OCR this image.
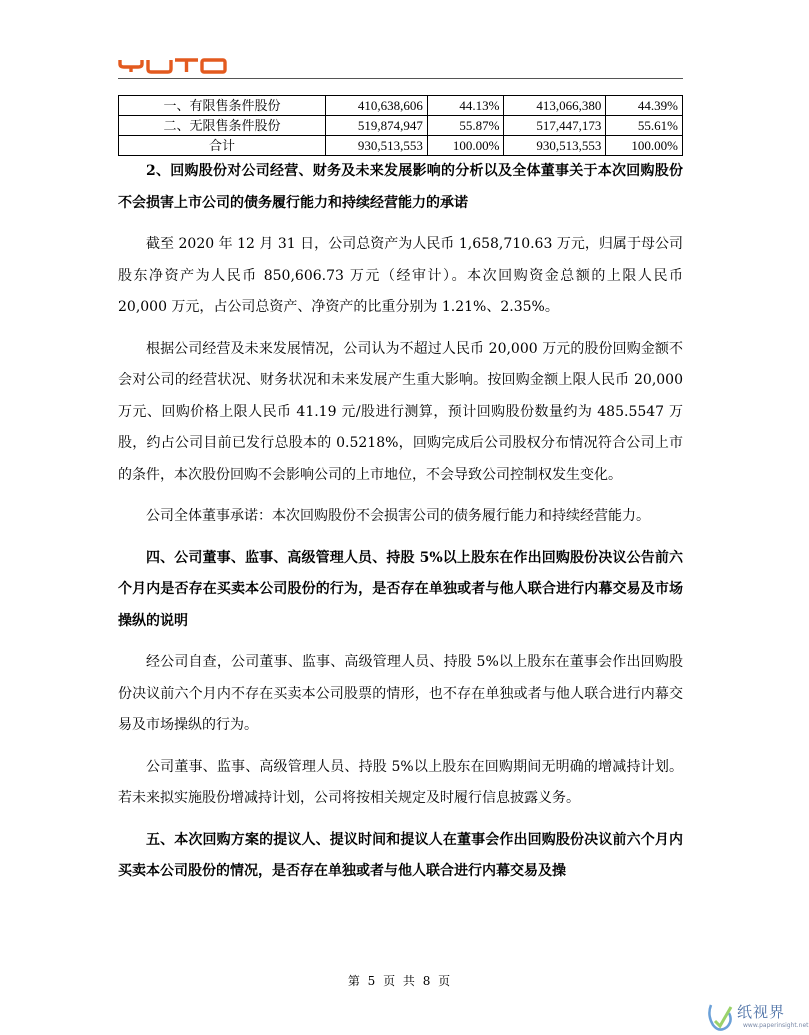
一、有限售条件股份	410,638,606	44.13%	413,066,380	44.39%
二、无限售条件股份	519,874,947	55.87%	517,447,173	55.61%
合计	930,513,553	100.00%	930,513,553	100.00%

2、回购股份对公司经营、财务及未来发展影响的分析以及全体董事关于本次回购股份不会损害上市公司的债务履行能力和持续经营能力的承诺

截至 2020 年 12 月 31 日，公司总资产为人民币 1,658,710.63 万元，归属于母公司股东净资产为人民币 850,606.73 万元（经审计）。本次回购资金总额的上限人民币 20,000 万元，占公司总资产、净资产的比重分别为 1.21%、2.35%。

根据公司经营及未来发展情况，公司认为不超过人民币 20,000 万元的股份回购金额不会对公司的经营状况、财务状况和未来发展产生重大影响。按回购金额上限人民币 20,000 万元、回购价格上限人民币 41.19 元/股进行测算，预计回购股份数量约为 485.5547 万股，约占公司目前已发行总股本的 0.5218%，回购完成后公司股权分布情况符合公司上市的条件，本次股份回购不会影响公司的上市地位，不会导致公司控制权发生变化。

公司全体董事承诺：本次回购股份不会损害公司的债务履行能力和持续经营能力。

四、公司董事、监事、高级管理人员、持股 5%以上股东在作出回购股份决议公告前六个月内是否存在买卖本公司股份的行为，是否存在单独或者与他人联合进行内幕交易及市场操纵的说明

经公司自查，公司董事、监事、高级管理人员、持股 5%以上股东在董事会作出回购股份决议前六个月内不存在买卖本公司股票的情形，也不存在单独或者与他人联合进行内幕交易及市场操纵的行为。

公司董事、监事、高级管理人员、持股 5%以上股东在回购期间无明确的增减持计划。若未来拟实施股份增减持计划，公司将按相关规定及时履行信息披露义务。

五、本次回购方案的提议人、提议时间和提议人在董事会作出回购股份决议前六个月内买卖本公司股份的情况，是否存在单独或者与他人联合进行内幕交易及操

第 5 页 共 8 页
纸视界
www.paperinsight.net
